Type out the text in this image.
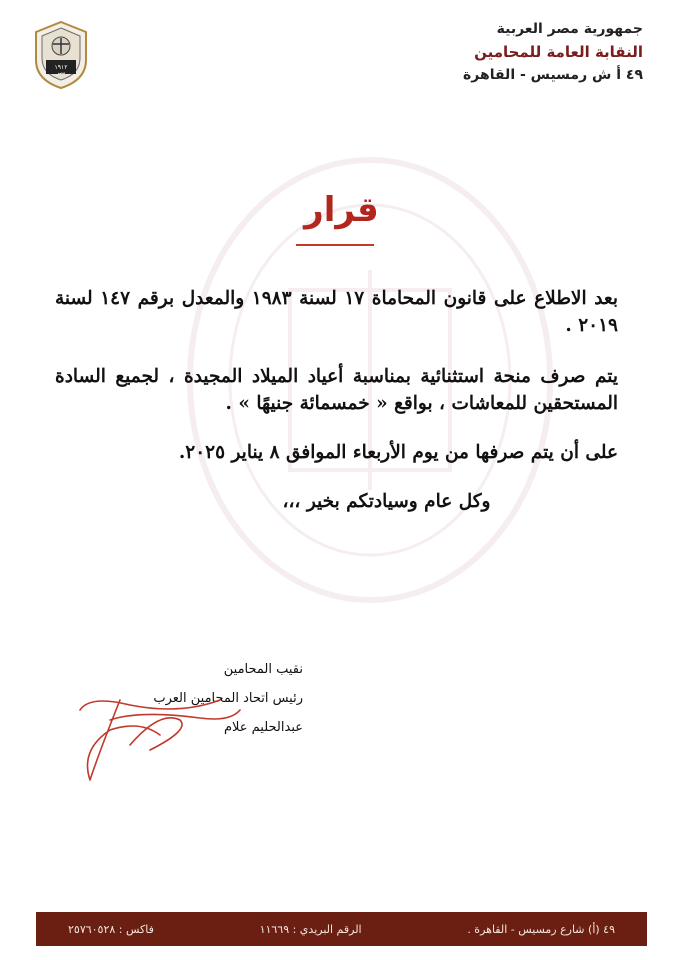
١٩١٢
مصر
جمهورية مصر العربية
النقابة العامة للمحامين
٤٩ أ ش رمسيس - القاهرة
قرار

بعد الاطلاع على قانون المحاماة ١٧ لسنة ١٩٨٣ والمعدل برقم ١٤٧ لسنة ٢٠١٩ .

يتم صرف منحة استثنائية بمناسبة أعياد الميلاد المجيدة ، لجميع السادة المستحقين للمعاشات ، بواقع « خمسمائة جنيهًا » .

على أن يتم صرفها من يوم الأربعاء الموافق ٨ يناير ٢٠٢٥.

وكل عام وسيادتكم بخير ،،،

نقيب المحامين
رئيس اتحاد المحامين العرب
عبدالحليم علام
٤٩ (أ) شارع رمسيس - القاهرة .
الرقم البريدي : ١١٦٦٩
فاكس : ٢٥٧٦٠٥٢٨
